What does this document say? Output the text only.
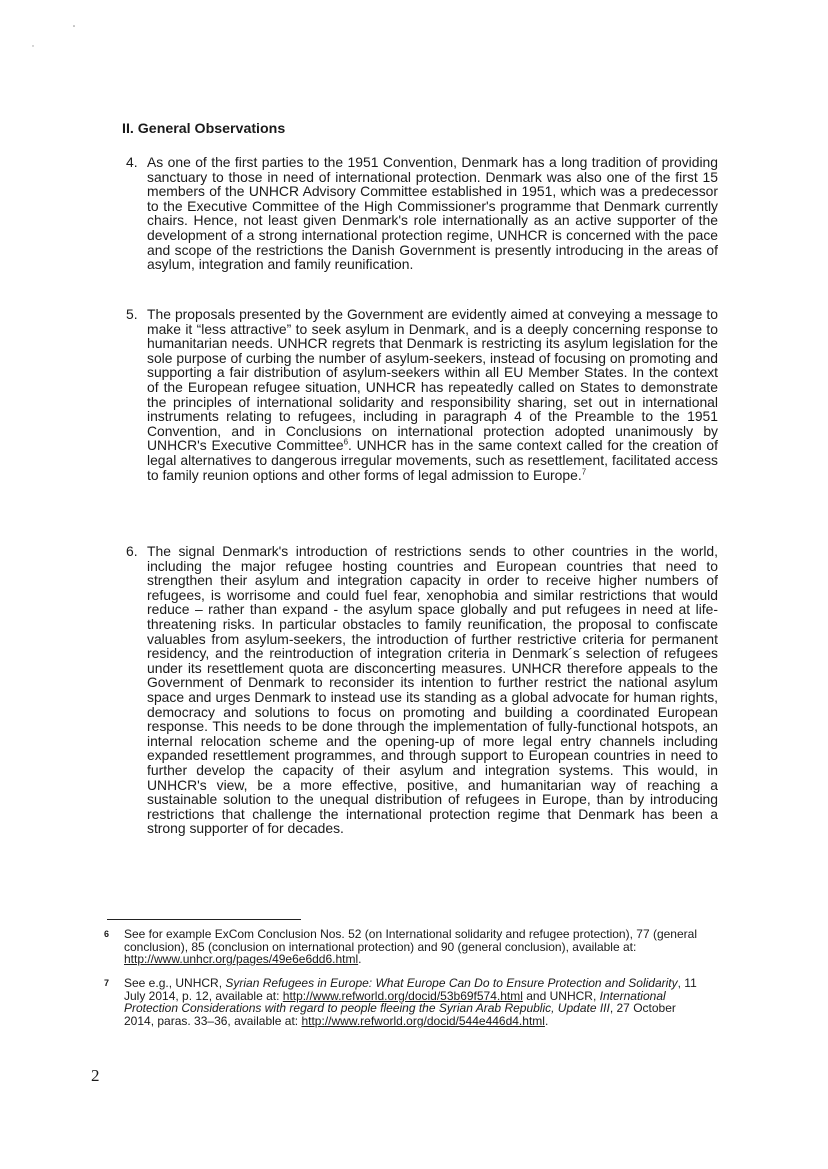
II. General Observations
4. As one of the first parties to the 1951 Convention, Denmark has a long tradition of providing sanctuary to those in need of international protection. Denmark was also one of the first 15 members of the UNHCR Advisory Committee established in 1951, which was a predecessor to the Executive Committee of the High Commissioner's programme that Denmark currently chairs. Hence, not least given Denmark's role internationally as an active supporter of the development of a strong international protection regime, UNHCR is concerned with the pace and scope of the restrictions the Danish Government is presently introducing in the areas of asylum, integration and family reunification.
5. The proposals presented by the Government are evidently aimed at conveying a message to make it “less attractive” to seek asylum in Denmark, and is a deeply concerning response to humanitarian needs. UNHCR regrets that Denmark is restricting its asylum legislation for the sole purpose of curbing the number of asylum-seekers, instead of focusing on promoting and supporting a fair distribution of asylum-seekers within all EU Member States. In the context of the European refugee situation, UNHCR has repeatedly called on States to demonstrate the principles of international solidarity and responsibility sharing, set out in international instruments relating to refugees, including in paragraph 4 of the Preamble to the 1951 Convention, and in Conclusions on international protection adopted unanimously by UNHCR's Executive Committee$^6$. UNHCR has in the same context called for the creation of legal alternatives to dangerous irregular movements, such as resettlement, facilitated access to family reunion options and other forms of legal admission to Europe.$^7$
6. The signal Denmark's introduction of restrictions sends to other countries in the world, including the major refugee hosting countries and European countries that need to strengthen their asylum and integration capacity in order to receive higher numbers of refugees, is worrisome and could fuel fear, xenophobia and similar restrictions that would reduce – rather than expand - the asylum space globally and put refugees in need at life-threatening risks. In particular obstacles to family reunification, the proposal to confiscate valuables from asylum-seekers, the introduction of further restrictive criteria for permanent residency, and the reintroduction of integration criteria in Denmark´s selection of refugees under its resettlement quota are disconcerting measures. UNHCR therefore appeals to the Government of Denmark to reconsider its intention to further restrict the national asylum space and urges Denmark to instead use its standing as a global advocate for human rights, democracy and solutions to focus on promoting and building a coordinated European response. This needs to be done through the implementation of fully-functional hotspots, an internal relocation scheme and the opening-up of more legal entry channels including expanded resettlement programmes, and through support to European countries in need to further develop the capacity of their asylum and integration systems. This would, in UNHCR's view, be a more effective, positive, and humanitarian way of reaching a sustainable solution to the unequal distribution of refugees in Europe, than by introducing restrictions that challenge the international protection regime that Denmark has been a strong supporter of for decades.
6 See for example ExCom Conclusion Nos. 52 (on International solidarity and refugee protection), 77 (general conclusion), 85 (conclusion on international protection) and 90 (general conclusion), available at: http://www.unhcr.org/pages/49e6e6dd6.html.
7 See e.g., UNHCR, Syrian Refugees in Europe: What Europe Can Do to Ensure Protection and Solidarity, 11 July 2014, p. 12, available at: http://www.refworld.org/docid/53b69f574.html and UNHCR, International Protection Considerations with regard to people fleeing the Syrian Arab Republic, Update III, 27 October 2014, paras. 33–36, available at: http://www.refworld.org/docid/544e446d4.html.

2
